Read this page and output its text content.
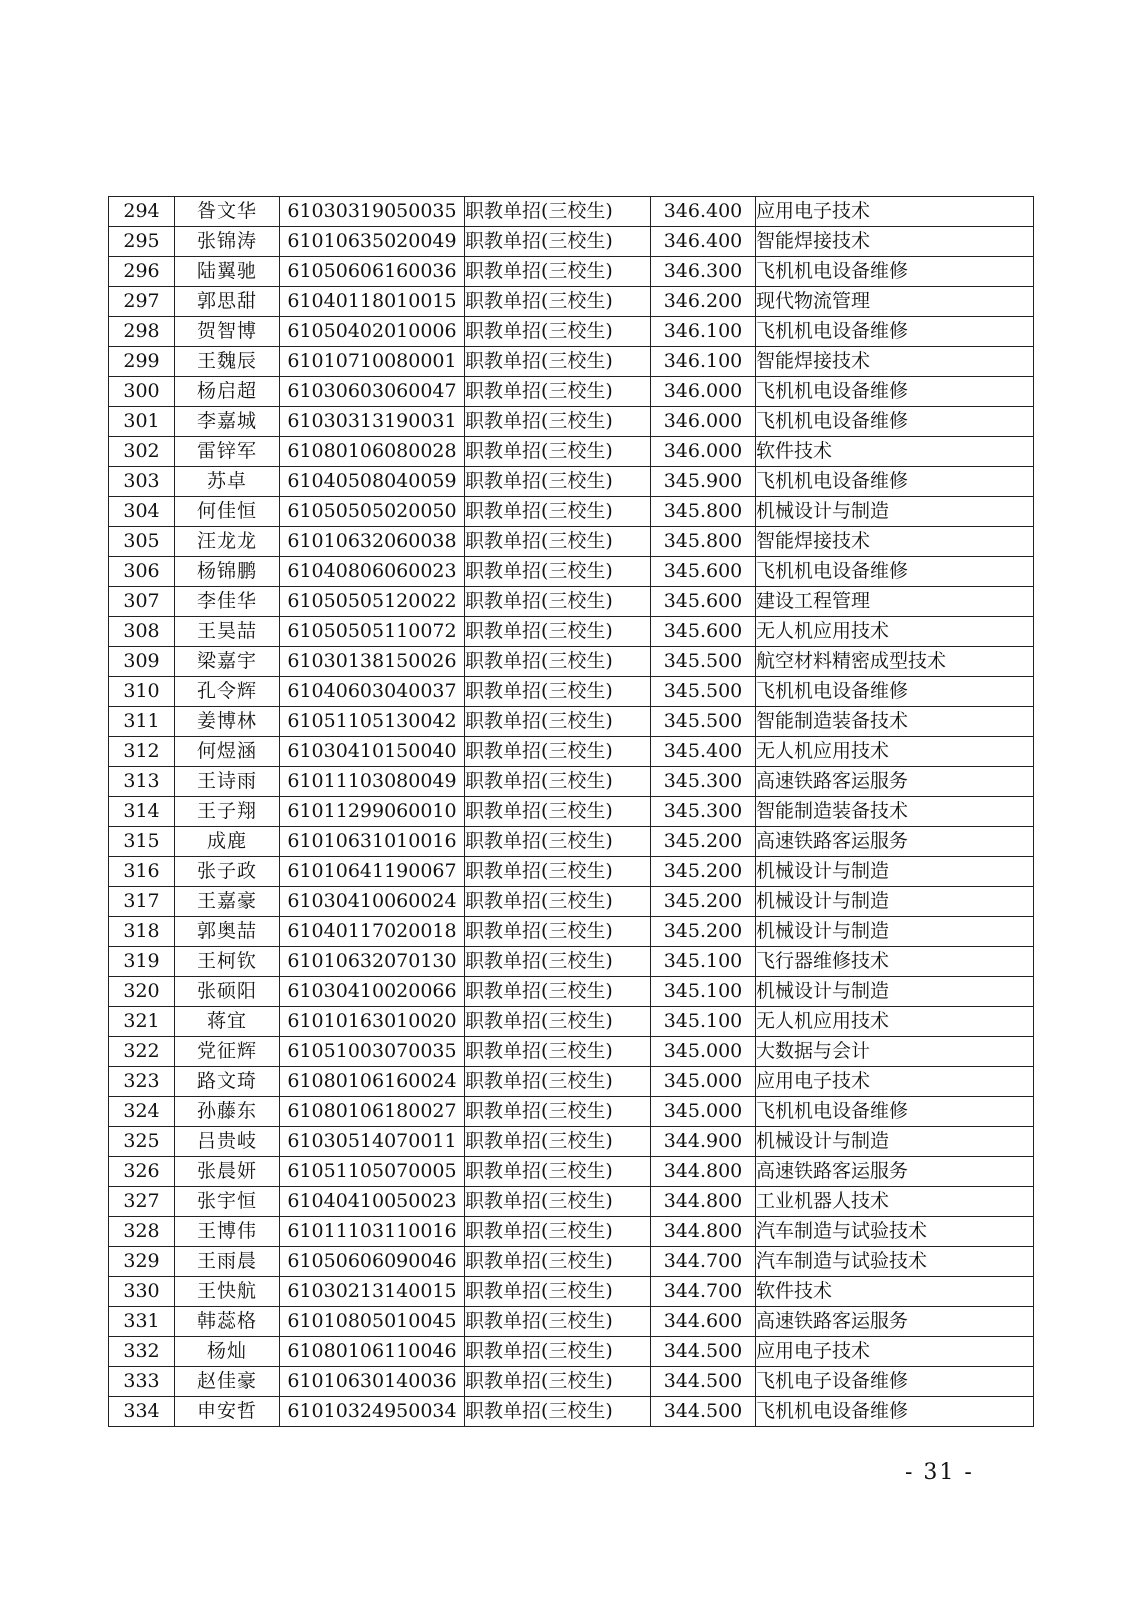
294	昝文华	61030319050035	职教单招(三校生)	346.400	应用电子技术
295	张锦涛	61010635020049	职教单招(三校生)	346.400	智能焊接技术
296	陆翼驰	61050606160036	职教单招(三校生)	346.300	飞机机电设备维修
297	郭思甜	61040118010015	职教单招(三校生)	346.200	现代物流管理
298	贺智博	61050402010006	职教单招(三校生)	346.100	飞机机电设备维修
299	王魏辰	61010710080001	职教单招(三校生)	346.100	智能焊接技术
300	杨启超	61030603060047	职教单招(三校生)	346.000	飞机机电设备维修
301	李嘉城	61030313190031	职教单招(三校生)	346.000	飞机机电设备维修
302	雷锌军	61080106080028	职教单招(三校生)	346.000	软件技术
303	苏卓	61040508040059	职教单招(三校生)	345.900	飞机机电设备维修
304	何佳恒	61050505020050	职教单招(三校生)	345.800	机械设计与制造
305	汪龙龙	61010632060038	职教单招(三校生)	345.800	智能焊接技术
306	杨锦鹏	61040806060023	职教单招(三校生)	345.600	飞机机电设备维修
307	李佳华	61050505120022	职教单招(三校生)	345.600	建设工程管理
308	王昊喆	61050505110072	职教单招(三校生)	345.600	无人机应用技术
309	梁嘉宇	61030138150026	职教单招(三校生)	345.500	航空材料精密成型技术
310	孔令辉	61040603040037	职教单招(三校生)	345.500	飞机机电设备维修
311	姜博林	61051105130042	职教单招(三校生)	345.500	智能制造装备技术
312	何煜涵	61030410150040	职教单招(三校生)	345.400	无人机应用技术
313	王诗雨	61011103080049	职教单招(三校生)	345.300	高速铁路客运服务
314	王子翔	61011299060010	职教单招(三校生)	345.300	智能制造装备技术
315	成鹿	61010631010016	职教单招(三校生)	345.200	高速铁路客运服务
316	张子政	61010641190067	职教单招(三校生)	345.200	机械设计与制造
317	王嘉豪	61030410060024	职教单招(三校生)	345.200	机械设计与制造
318	郭奥喆	61040117020018	职教单招(三校生)	345.200	机械设计与制造
319	王柯钦	61010632070130	职教单招(三校生)	345.100	飞行器维修技术
320	张硕阳	61030410020066	职教单招(三校生)	345.100	机械设计与制造
321	蒋宜	61010163010020	职教单招(三校生)	345.100	无人机应用技术
322	党征辉	61051003070035	职教单招(三校生)	345.000	大数据与会计
323	路文琦	61080106160024	职教单招(三校生)	345.000	应用电子技术
324	孙藤东	61080106180027	职教单招(三校生)	345.000	飞机机电设备维修
325	吕贵岐	61030514070011	职教单招(三校生)	344.900	机械设计与制造
326	张晨妍	61051105070005	职教单招(三校生)	344.800	高速铁路客运服务
327	张宇恒	61040410050023	职教单招(三校生)	344.800	工业机器人技术
328	王博伟	61011103110016	职教单招(三校生)	344.800	汽车制造与试验技术
329	王雨晨	61050606090046	职教单招(三校生)	344.700	汽车制造与试验技术
330	王快航	61030213140015	职教单招(三校生)	344.700	软件技术
331	韩蕊格	61010805010045	职教单招(三校生)	344.600	高速铁路客运服务
332	杨灿	61080106110046	职教单招(三校生)	344.500	应用电子技术
333	赵佳豪	61010630140036	职教单招(三校生)	344.500	飞机电子设备维修
334	申安哲	61010324950034	职教单招(三校生)	344.500	飞机机电设备维修
- 31 -
